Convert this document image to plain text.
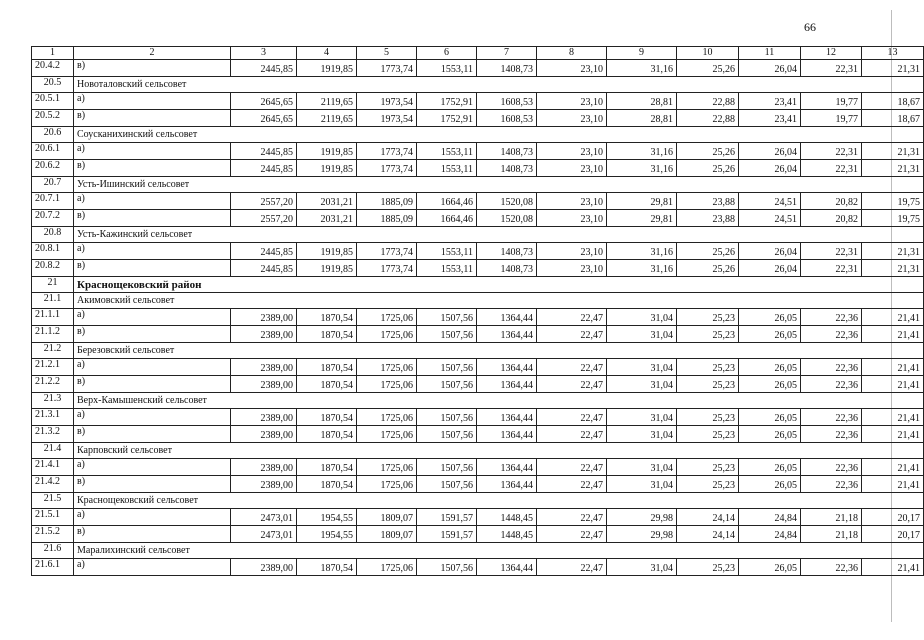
66
1	2	3	4	5	6	7	8	9	10	11	12	13
20.4.2	в)	2445,85	1919,85	1773,74	1553,11	1408,73	23,10	31,16	25,26	26,04	22,31	21,31
20.5	Новоталовский сельсовет											
20.5.1	а)	2645,65	2119,65	1973,54	1752,91	1608,53	23,10	28,81	22,88	23,41	19,77	18,67
20.5.2	в)	2645,65	2119,65	1973,54	1752,91	1608,53	23,10	28,81	22,88	23,41	19,77	18,67
20.6	Соусканихинский сельсовет											
20.6.1	а)	2445,85	1919,85	1773,74	1553,11	1408,73	23,10	31,16	25,26	26,04	22,31	21,31
20.6.2	в)	2445,85	1919,85	1773,74	1553,11	1408,73	23,10	31,16	25,26	26,04	22,31	21,31
20.7	Усть-Ишинский сельсовет											
20.7.1	а)	2557,20	2031,21	1885,09	1664,46	1520,08	23,10	29,81	23,88	24,51	20,82	19,75
20.7.2	в)	2557,20	2031,21	1885,09	1664,46	1520,08	23,10	29,81	23,88	24,51	20,82	19,75
20.8	Усть-Кажинский сельсовет											
20.8.1	а)	2445,85	1919,85	1773,74	1553,11	1408,73	23,10	31,16	25,26	26,04	22,31	21,31
20.8.2	в)	2445,85	1919,85	1773,74	1553,11	1408,73	23,10	31,16	25,26	26,04	22,31	21,31
21	Краснощековский район											
21.1	Акимовский сельсовет											
21.1.1	а)	2389,00	1870,54	1725,06	1507,56	1364,44	22,47	31,04	25,23	26,05	22,36	21,41
21.1.2	в)	2389,00	1870,54	1725,06	1507,56	1364,44	22,47	31,04	25,23	26,05	22,36	21,41
21.2	Березовский сельсовет											
21.2.1	а)	2389,00	1870,54	1725,06	1507,56	1364,44	22,47	31,04	25,23	26,05	22,36	21,41
21.2.2	в)	2389,00	1870,54	1725,06	1507,56	1364,44	22,47	31,04	25,23	26,05	22,36	21,41
21.3	Верх-Камышенский сельсовет											
21.3.1	а)	2389,00	1870,54	1725,06	1507,56	1364,44	22,47	31,04	25,23	26,05	22,36	21,41
21.3.2	в)	2389,00	1870,54	1725,06	1507,56	1364,44	22,47	31,04	25,23	26,05	22,36	21,41
21.4	Карповский сельсовет											
21.4.1	а)	2389,00	1870,54	1725,06	1507,56	1364,44	22,47	31,04	25,23	26,05	22,36	21,41
21.4.2	в)	2389,00	1870,54	1725,06	1507,56	1364,44	22,47	31,04	25,23	26,05	22,36	21,41
21.5	Краснощековский сельсовет											
21.5.1	а)	2473,01	1954,55	1809,07	1591,57	1448,45	22,47	29,98	24,14	24,84	21,18	20,17
21.5.2	в)	2473,01	1954,55	1809,07	1591,57	1448,45	22,47	29,98	24,14	24,84	21,18	20,17
21.6	Маралихинский сельсовет											
21.6.1	а)	2389,00	1870,54	1725,06	1507,56	1364,44	22,47	31,04	25,23	26,05	22,36	21,41
